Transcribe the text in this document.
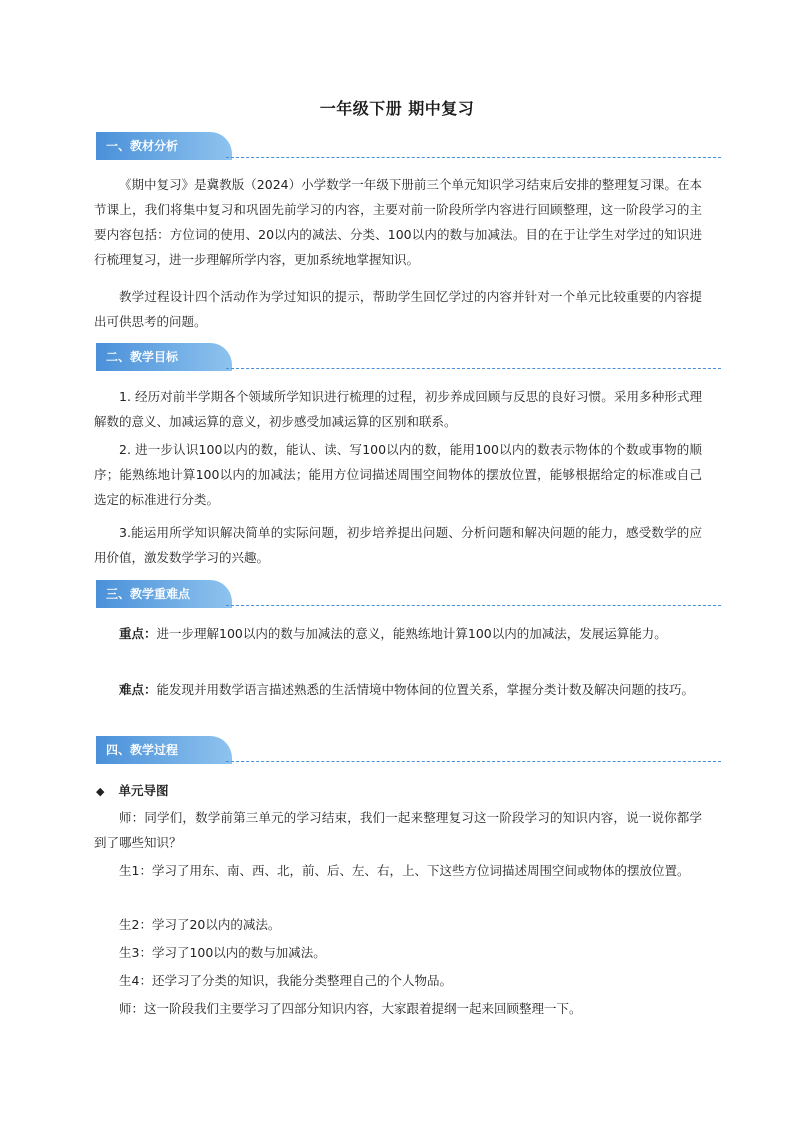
一年级下册 期中复习
一、教材分析

《期中复习》是冀教版（2024）小学数学一年级下册前三个单元知识学习结束后安排的整理复习课。在本节课上，我们将集中复习和巩固先前学习的内容，主要对前一阶段所学内容进行回顾整理，这一阶段学习的主要内容包括：方位词的使用、20以内的减法、分类、100以内的数与加减法。目的在于让学生对学过的知识进行梳理复习，进一步理解所学内容，更加系统地掌握知识。

教学过程设计四个活动作为学过知识的提示，帮助学生回忆学过的内容并针对一个单元比较重要的内容提出可供思考的问题。

二、教学目标

1. 经历对前半学期各个领域所学知识进行梳理的过程，初步养成回顾与反思的良好习惯。采用多种形式理解数的意义、加减运算的意义，初步感受加减运算的区别和联系。

2. 进一步认识100以内的数，能认、读、写100以内的数，能用100以内的数表示物体的个数或事物的顺序；能熟练地计算100以内的加减法；能用方位词描述周围空间物体的摆放位置，能够根据给定的标准或自己选定的标准进行分类。

3.能运用所学知识解决简单的实际问题，初步培养提出问题、分析问题和解决问题的能力，感受数学的应用价值，激发数学学习的兴趣。

三、教学重难点

重点：进一步理解100以内的数与加减法的意义，能熟练地计算100以内的加减法，发展运算能力。

难点：能发现并用数学语言描述熟悉的生活情境中物体间的位置关系，掌握分类计数及解决问题的技巧。

四、教学过程
◆ 单元导图

师：同学们，数学前第三单元的学习结束，我们一起来整理复习这一阶段学习的知识内容，说一说你都学到了哪些知识？

生1：学习了用东、南、西、北，前、后、左、右，上、下这些方位词描述周围空间或物体的摆放位置。

生2：学习了20以内的减法。

生3：学习了100以内的数与加减法。

生4：还学习了分类的知识，我能分类整理自己的个人物品。

师：这一阶段我们主要学习了四部分知识内容，大家跟着提纲一起来回顾整理一下。
